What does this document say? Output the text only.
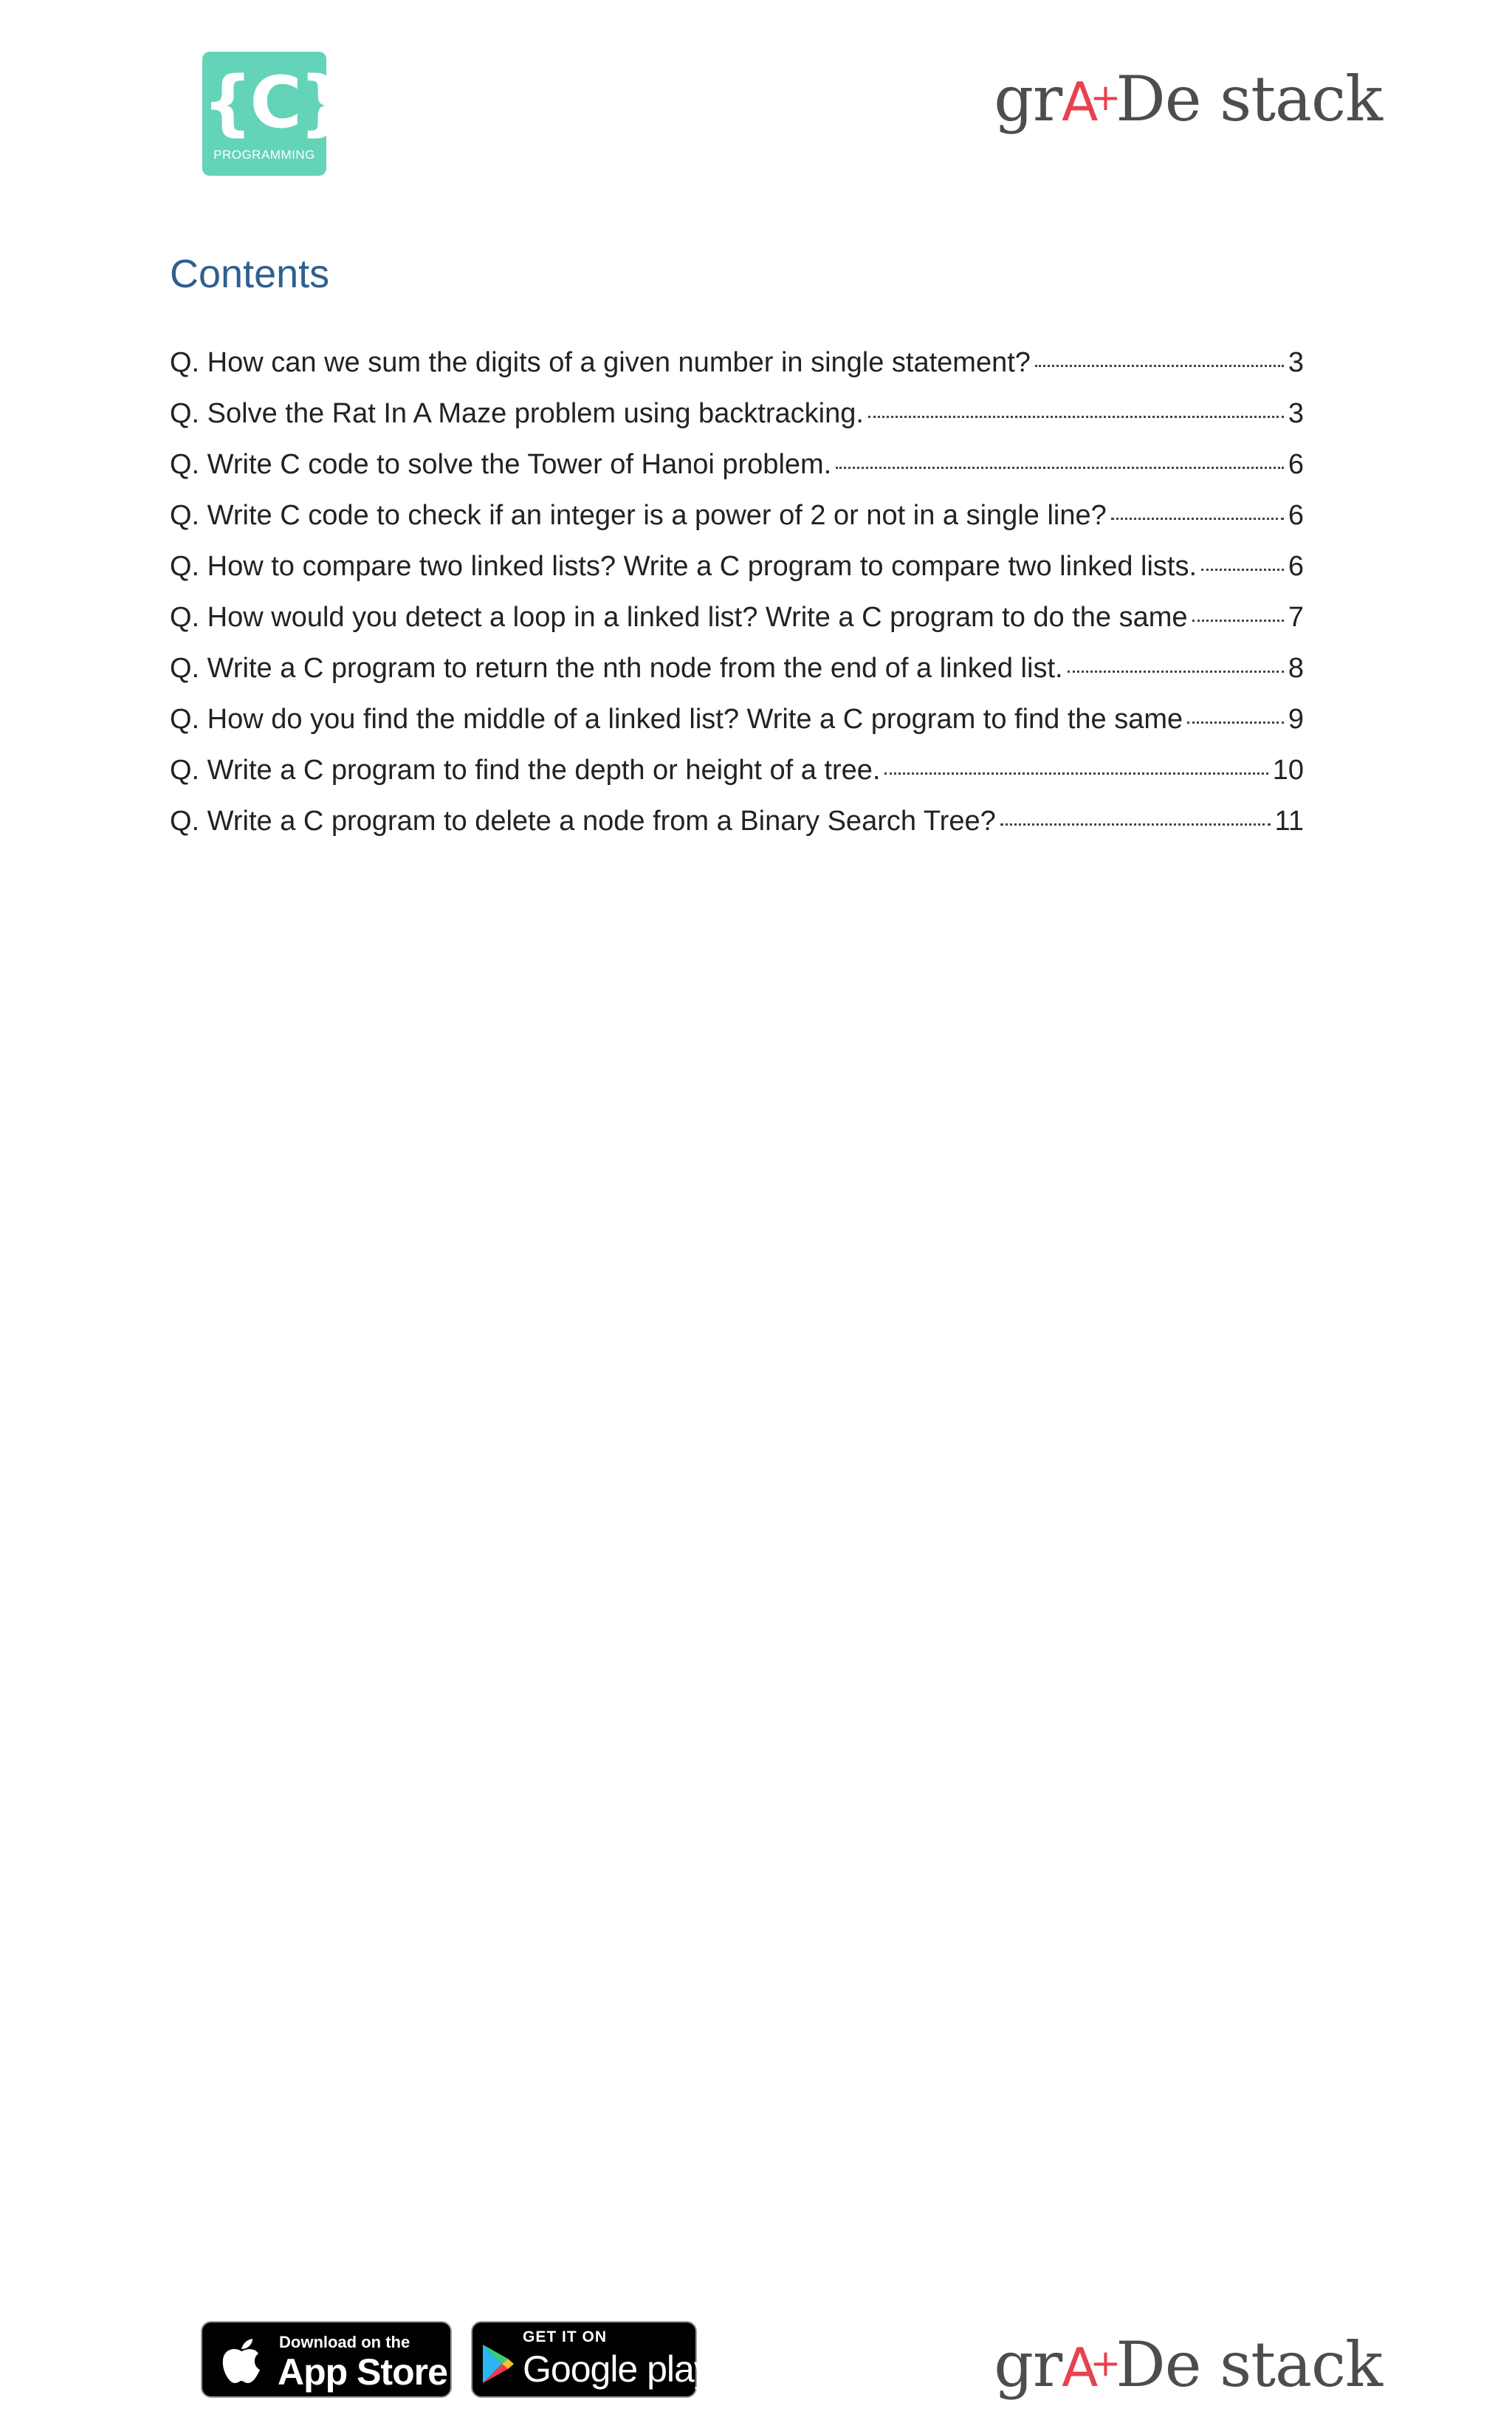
{C}
PROGRAMMING
grA+De stack
Contents
Q. How can we sum the digits of a given number in single statement?	3
Q. Solve the Rat In A Maze problem using backtracking.	3
Q. Write C code to solve the Tower of Hanoi problem.	6
Q. Write C code to check if an integer is a power of 2 or not in a single line?	6
Q. How to compare two linked lists? Write a C program to compare two linked lists.	6
Q. How would you detect a loop in a linked list? Write a C program to do the same	7
Q. Write a C program to return the nth node from the end of a linked list.	8
Q. How do you find the middle of a linked list? Write a C program to find the same	9
Q. Write a C program to find the depth or height of a tree.	10
Q. Write a C program to delete a node from a Binary Search Tree?	11
Download on the
App Store
GET IT ON
Google play	grA+De stack
